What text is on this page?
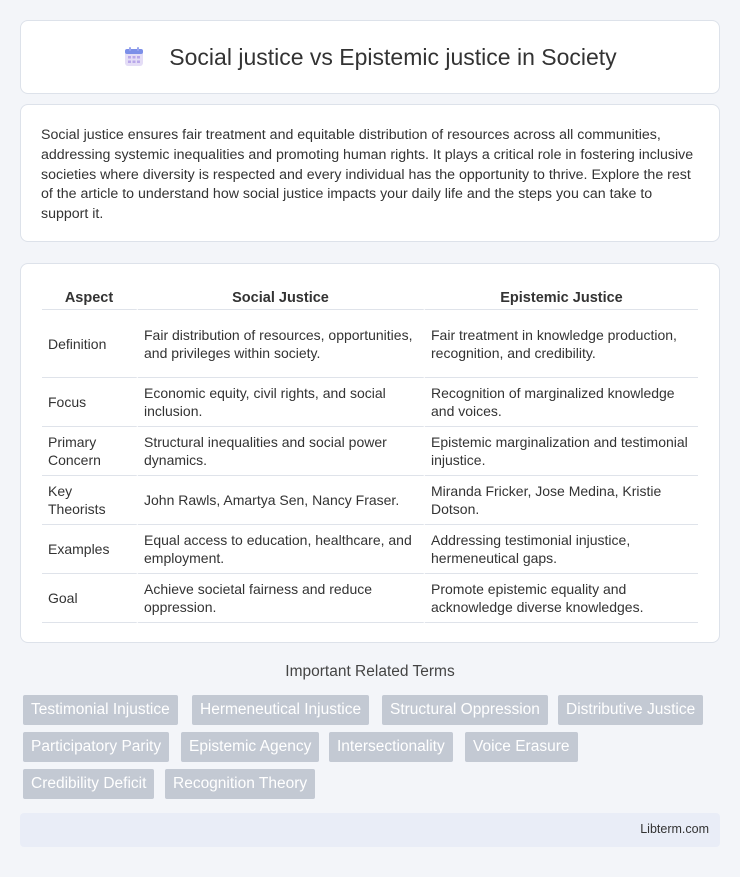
Social justice vs Epistemic justice in Society

Social justice ensures fair treatment and equitable distribution of resources across all communities, addressing systemic inequalities and promoting human rights. It plays a critical role in fostering inclusive societies where diversity is respected and every individual has the opportunity to thrive. Explore the rest of the article to understand how social justice impacts your daily life and the steps you can take to support it.

Aspect	Social Justice	Epistemic Justice
Definition	Fair distribution of resources, opportunities, and privileges within society.	Fair treatment in knowledge production, recognition, and credibility.
Focus	Economic equity, civil rights, and social inclusion.	Recognition of marginalized knowledge and voices.
Primary Concern	Structural inequalities and social power dynamics.	Epistemic marginalization and testimonial injustice.
Key Theorists	John Rawls, Amartya Sen, Nancy Fraser.	Miranda Fricker, Jose Medina, Kristie Dotson.
Examples	Equal access to education, healthcare, and employment.	Addressing testimonial injustice, hermeneutical gaps.
Goal	Achieve societal fairness and reduce oppression.	Promote epistemic equality and acknowledge diverse knowledges.
Important Related Terms
Testimonial Injustice	Hermeneutical Injustice	Structural Oppression	Distributive Justice
Participatory Parity	Epistemic Agency	Intersectionality	Voice Erasure
Credibility Deficit	Recognition Theory
Libterm.com
